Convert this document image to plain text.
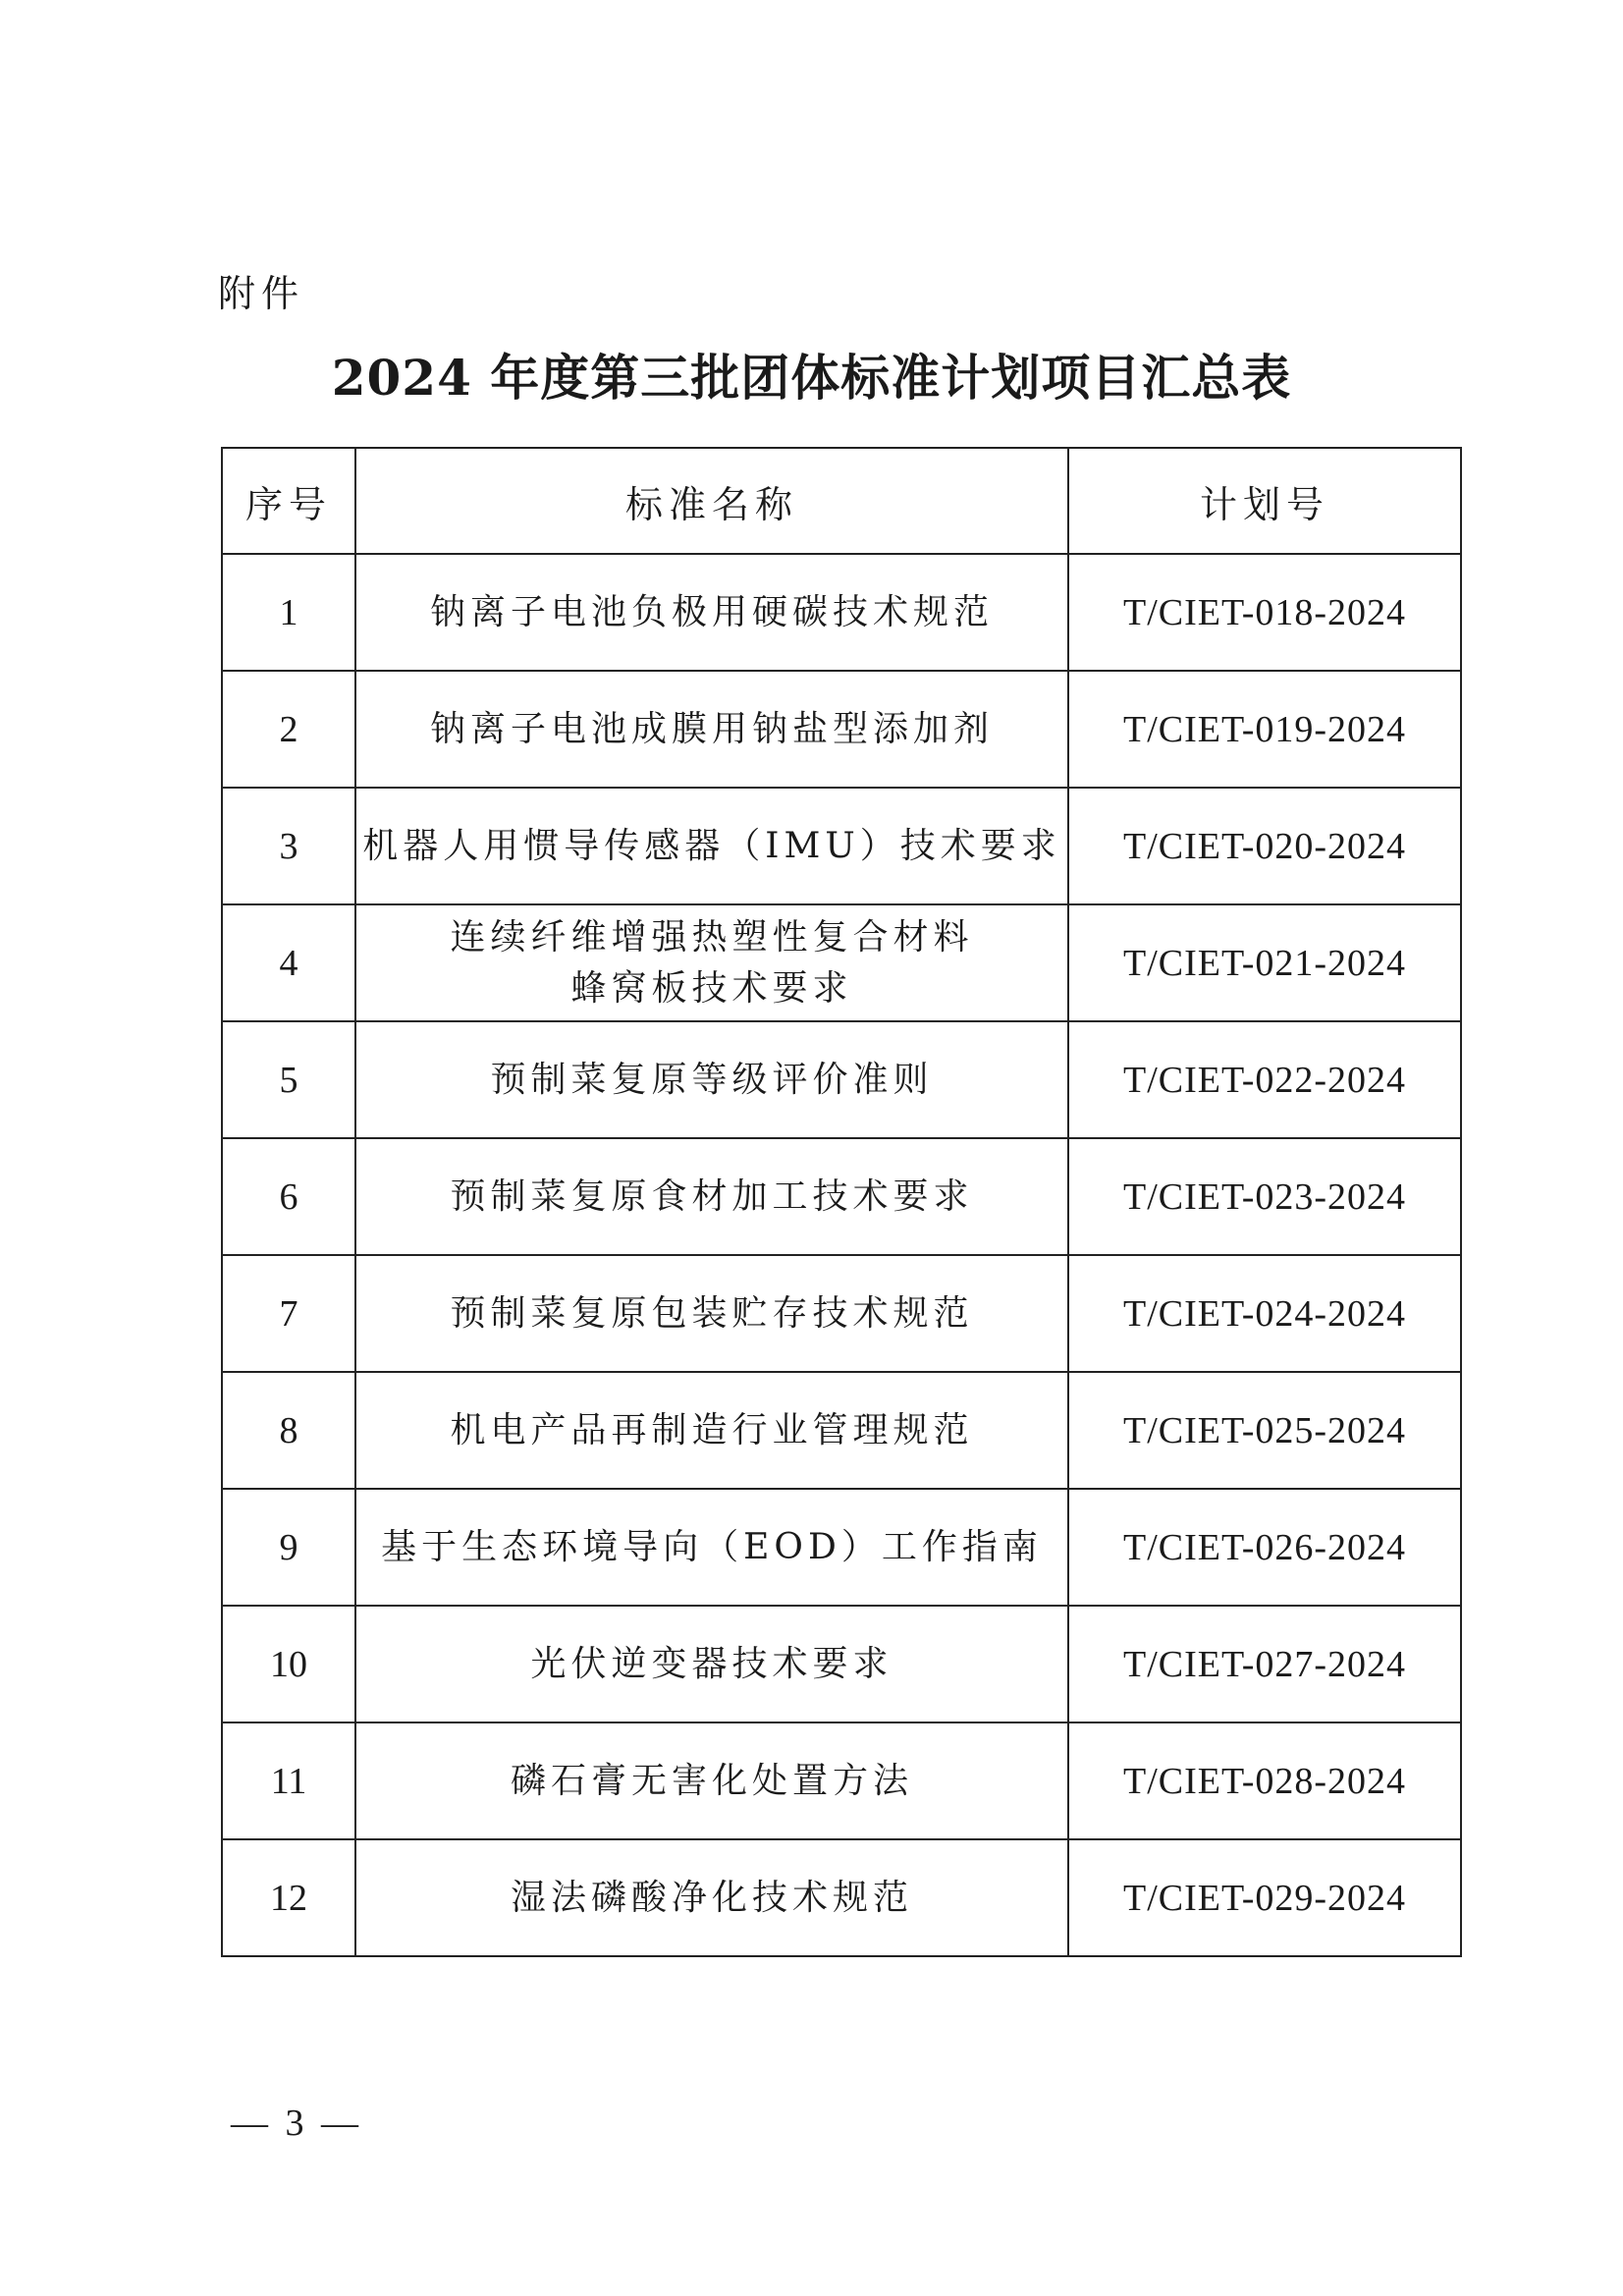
附件
2024 年度第三批团体标准计划项目汇总表
序号	标准名称	计划号
1	钠离子电池负极用硬碳技术规范	T/CIET-018-2024
2	钠离子电池成膜用钠盐型添加剂	T/CIET-019-2024
3	机器人用惯导传感器（IMU）技术要求	T/CIET-020-2024
4	连续纤维增强热塑性复合材料
蜂窝板技术要求	T/CIET-021-2024
5	预制菜复原等级评价准则	T/CIET-022-2024
6	预制菜复原食材加工技术要求	T/CIET-023-2024
7	预制菜复原包装贮存技术规范	T/CIET-024-2024
8	机电产品再制造行业管理规范	T/CIET-025-2024
9	基于生态环境导向（EOD）工作指南	T/CIET-026-2024
10	光伏逆变器技术要求	T/CIET-027-2024
11	磷石膏无害化处置方法	T/CIET-028-2024
12	湿法磷酸净化技术规范	T/CIET-029-2024
— 3 —
